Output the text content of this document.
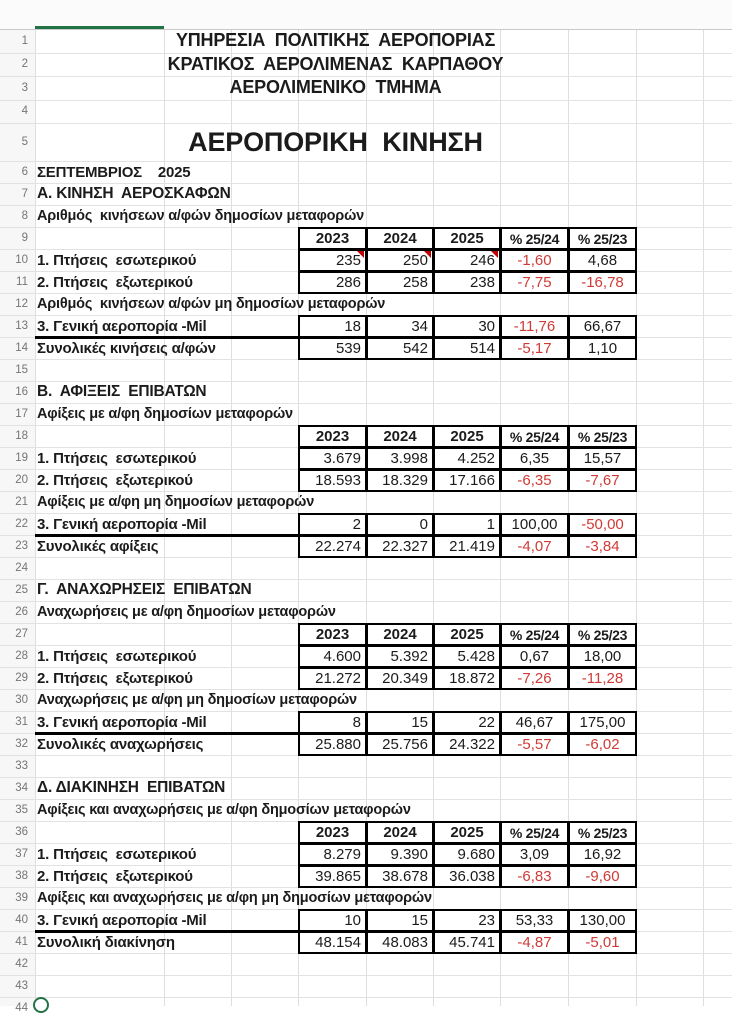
1
2
3
4
5
6
7
8
9
10
11
12
13
14
15
16
17
18
19
20
21
22
23
24
25
26
27
28
29
30
31
32
33
34
35
36
37
38
39
40
41
42
43
44
ΥΠΗΡΕΣΙΑ  ΠΟΛΙΤΙΚΗΣ  ΑΕΡΟΠΟΡΙΑΣ
ΚΡΑΤΙΚΟΣ  ΑΕΡΟΛΙΜΕΝΑΣ  ΚΑΡΠΑΘΟΥ
ΑΕΡΟΛΙΜΕΝΙΚΟ  ΤΜΗΜΑ
ΑΕΡΟΠΟΡΙΚΗ  ΚΙΝΗΣΗ
ΣΕΠΤΕΜΒΡΙΟΣ    2025
Α. ΚΙΝΗΣΗ  ΑΕΡΟΣΚΑΦΩΝ
Αριθμός  κινήσεων α/φών δημοσίων μεταφορών
Αριθμός  κινήσεων α/φών μη δημοσίων μεταφορών
2023	2024	2025	% 25/24	% 25/23
1. Πτήσεις  εσωτερικού	235	250	246	-1,60	4,68
2. Πτήσεις  εξωτερικού	286	258	238	-7,75	-16,78
3. Γενική αεροπορία -Mil	18	34	30	-11,76	66,67
Συνολικές κινήσεις α/φών	539	542	514	-5,17	1,10
Β.  ΑΦΙΞΕΙΣ  ΕΠΙΒΑΤΩΝ
Αφίξεις με α/φη δημοσίων μεταφορών
Αφίξεις με α/φη μη δημοσίων μεταφορών
2023	2024	2025	% 25/24	% 25/23
1. Πτήσεις  εσωτερικού	3.679	3.998	4.252	6,35	15,57
2. Πτήσεις  εξωτερικού	18.593	18.329	17.166	-6,35	-7,67
3. Γενική αεροπορία -Mil	2	0	1	100,00	-50,00
Συνολικές αφίξεις	22.274	22.327	21.419	-4,07	-3,84
Γ.  ΑΝΑΧΩΡΗΣΕΙΣ  ΕΠΙΒΑΤΩΝ
Αναχωρήσεις με α/φη δημοσίων μεταφορών
Αναχωρήσεις με α/φη μη δημοσίων μεταφορών
2023	2024	2025	% 25/24	% 25/23
1. Πτήσεις  εσωτερικού	4.600	5.392	5.428	0,67	18,00
2. Πτήσεις  εξωτερικού	21.272	20.349	18.872	-7,26	-11,28
3. Γενική αεροπορία -Mil	8	15	22	46,67	175,00
Συνολικές αναχωρήσεις	25.880	25.756	24.322	-5,57	-6,02
Δ. ΔΙΑΚΙΝΗΣΗ  ΕΠΙΒΑΤΩΝ
Αφίξεις και αναχωρήσεις με α/φη δημοσίων μεταφορών
Αφίξεις και αναχωρήσεις με α/φη μη δημοσίων μεταφορών
2023	2024	2025	% 25/24	% 25/23
1. Πτήσεις  εσωτερικού	8.279	9.390	9.680	3,09	16,92
2. Πτήσεις  εξωτερικού	39.865	38.678	36.038	-6,83	-9,60
3. Γενική αεροπορία -Mil	10	15	23	53,33	130,00
Συνολική διακίνηση	48.154	48.083	45.741	-4,87	-5,01
